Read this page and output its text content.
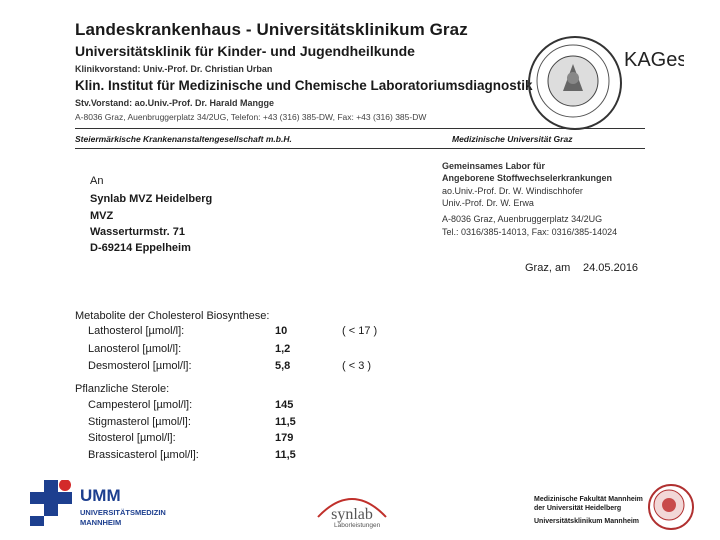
Landeskrankenhaus - Universitätsklinikum Graz
Universitätsklinik für Kinder- und Jugendheilkunde
Klinikvorstand: Univ.-Prof. Dr. Christian Urban
Klin. Institut für Medizinische und Chemische Laboratoriumsdiagnostik
Stv.Vorstand: ao.Univ.-Prof. Dr. Harald Mangge
A-8036 Graz, Auenbruggerplatz 34/2UG, Telefon: +43 (316) 385-DW, Fax: +43 (316) 385-DW
KAGes
Steiermärkische Krankenanstaltengesellschaft m.b.H.	Medizinische Universität Graz
An
Synlab MVZ Heidelberg
MVZ
Wasserturmstr. 71
D-69214 Eppelheim
Gemeinsames Labor für
Angeborene Stoffwechselerkrankungen
ao.Univ.-Prof. Dr. W. Windischhofer
Univ.-Prof. Dr. W. Erwa
A-8036 Graz, Auenbruggerplatz 34/2UG
Tel.: 0316/385-14013, Fax: 0316/385-14024
Graz, am 24.05.2016
Metabolite der Cholesterol Biosynthese:
Lathosterol [µmol/l]:	10	( < 17 )
Lanosterol [µmol/l]:	1,2
Desmosterol [µmol/l]:	5,8	( < 3 )
Pflanzliche Sterole:
Campesterol [µmol/l]:	145
Stigmasterol [µmol/l]:	11,5
Sitosterol [µmol/l]:	179
Brassicasterol [µmol/l]:	11,5
UMM
UNIVERSITÄTSMEDIZIN
MANNHEIM	synlab
Laborleistungen
Medizinische Fakultät Mannheim
der Universität Heidelberg
Universitätsklinikum Mannheim
